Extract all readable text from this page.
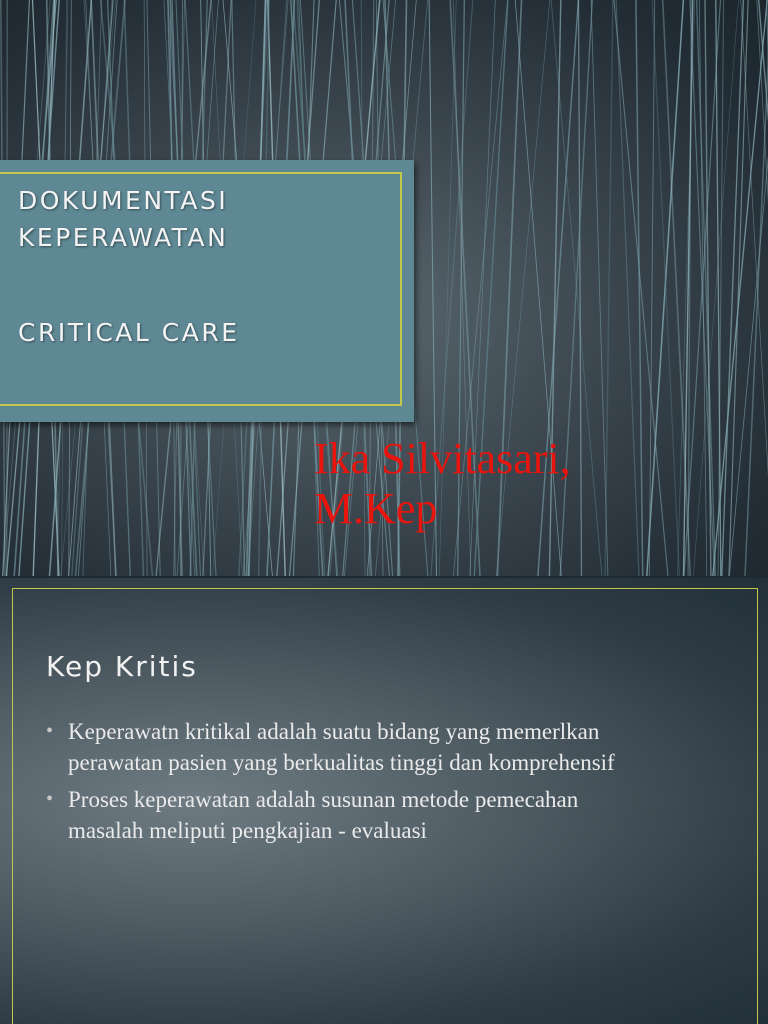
DOKUMENTASI
KEPERAWATAN
CRITICAL CARE
Ika Silvitasari,
M.Kep
Kep Kritis
• Keperawatn kritikal adalah suatu bidang yang memerlkan
perawatan pasien yang berkualitas tinggi dan komprehensif
• Proses keperawatan adalah susunan metode pemecahan
masalah meliputi pengkajian - evaluasi
